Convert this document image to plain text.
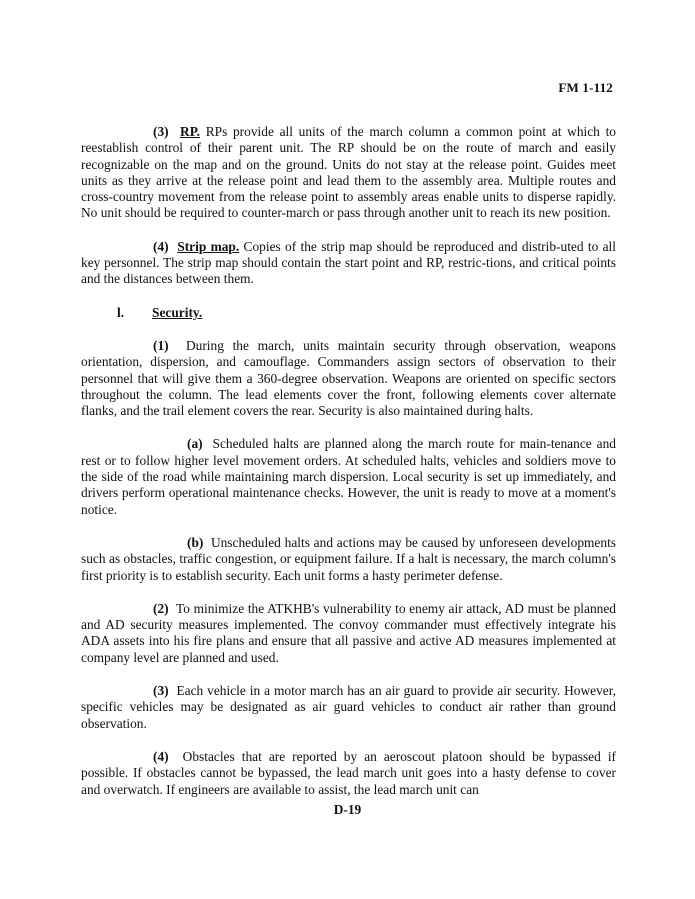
FM 1-112

(3) RP. RPs provide all units of the march column a common point at which to reestablish control of their parent unit. The RP should be on the route of march and easily recognizable on the map and on the ground. Units do not stay at the release point. Guides meet units as they arrive at the release point and lead them to the assembly area. Multiple routes and cross-country movement from the release point to assembly areas enable units to disperse rapidly. No unit should be required to counter-march or pass through another unit to reach its new position.

(4) Strip map. Copies of the strip map should be reproduced and distrib-uted to all key personnel. The strip map should contain the start point and RP, restric-tions, and critical points and the distances between them.

l. Security.

(1) During the march, units maintain security through observation, weapons orientation, dispersion, and camouflage. Commanders assign sectors of observation to their personnel that will give them a 360-degree observation. Weapons are oriented on specific sectors throughout the column. The lead elements cover the front, following elements cover alternate flanks, and the trail element covers the rear. Security is also maintained during halts.

(a) Scheduled halts are planned along the march route for main-tenance and rest or to follow higher level movement orders. At scheduled halts, vehicles and soldiers move to the side of the road while maintaining march dispersion. Local security is set up immediately, and drivers perform operational maintenance checks. However, the unit is ready to move at a moment's notice.

(b) Unscheduled halts and actions may be caused by unforeseen developments such as obstacles, traffic congestion, or equipment failure. If a halt is necessary, the march column's first priority is to establish security. Each unit forms a hasty perimeter defense.

(2) To minimize the ATKHB's vulnerability to enemy air attack, AD must be planned and AD security measures implemented. The convoy commander must effectively integrate his ADA assets into his fire plans and ensure that all passive and active AD measures implemented at company level are planned and used.

(3) Each vehicle in a motor march has an air guard to provide air security. However, specific vehicles may be designated as air guard vehicles to conduct air rather than ground observation.

(4) Obstacles that are reported by an aeroscout platoon should be bypassed if possible. If obstacles cannot be bypassed, the lead march unit goes into a hasty defense to cover and overwatch. If engineers are available to assist, the lead march unit can

D-19
